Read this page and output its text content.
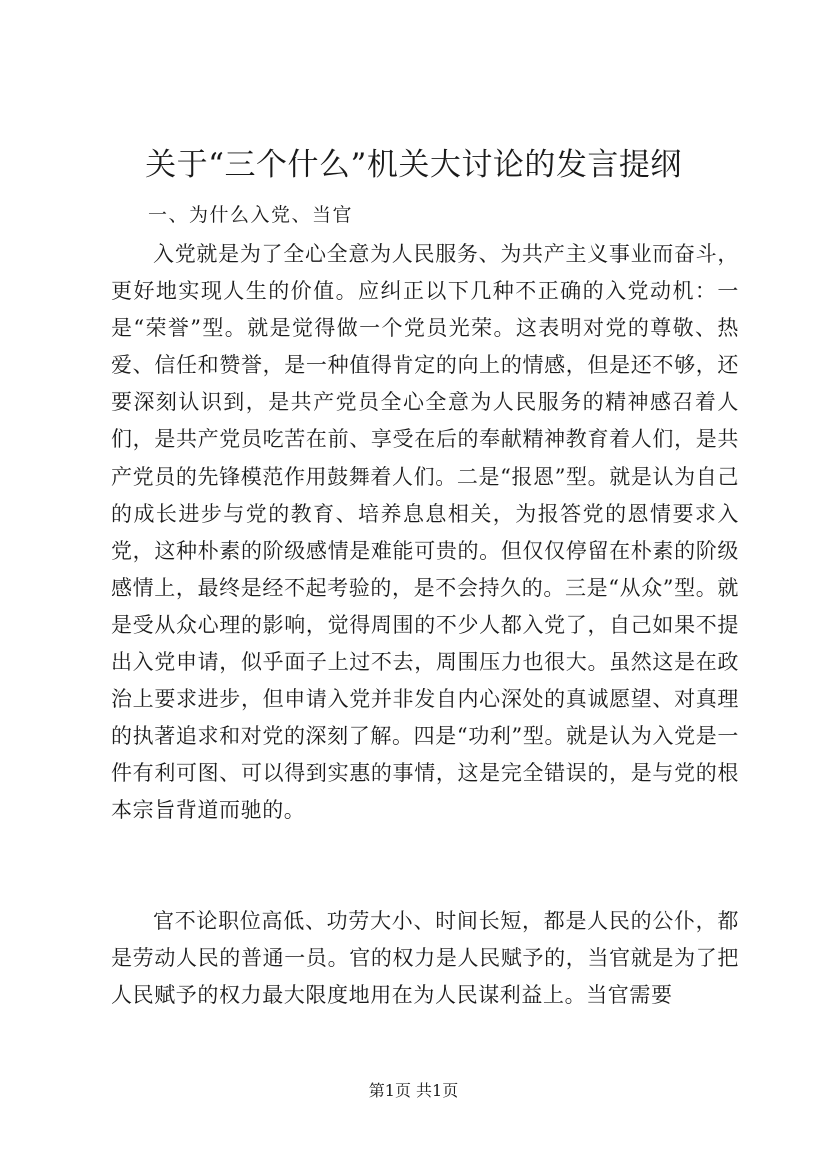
关于“三个什么”机关大讨论的发言提纲

一、为什么入党、当官

入党就是为了全心全意为人民服务、为共产主义事业而奋斗，更好地实现人生的价值。应纠正以下几种不正确的入党动机：一是“荣誉”型。就是觉得做一个党员光荣。这表明对党的尊敬、热爱、信任和赞誉，是一种值得肯定的向上的情感，但是还不够，还要深刻认识到，是共产党员全心全意为人民服务的精神感召着人们，是共产党员吃苦在前、享受在后的奉献精神教育着人们，是共产党员的先锋模范作用鼓舞着人们。二是“报恩”型。就是认为自己的成长进步与党的教育、培养息息相关，为报答党的恩情要求入党，这种朴素的阶级感情是难能可贵的。但仅仅停留在朴素的阶级感情上，最终是经不起考验的，是不会持久的。三是“从众”型。就是受从众心理的影响，觉得周围的不少人都入党了，自己如果不提出入党申请，似乎面子上过不去，周围压力也很大。虽然这是在政治上要求进步，但申请入党并非发自内心深处的真诚愿望、对真理的执著追求和对党的深刻了解。四是“功利”型。就是认为入党是一件有利可图、可以得到实惠的事情，这是完全错误的，是与党的根本宗旨背道而驰的。

官不论职位高低、功劳大小、时间长短，都是人民的公仆，都是劳动人民的普通一员。官的权力是人民赋予的，当官就是为了把人民赋予的权力最大限度地用在为人民谋利益上。当官需要

第1页 共1页
